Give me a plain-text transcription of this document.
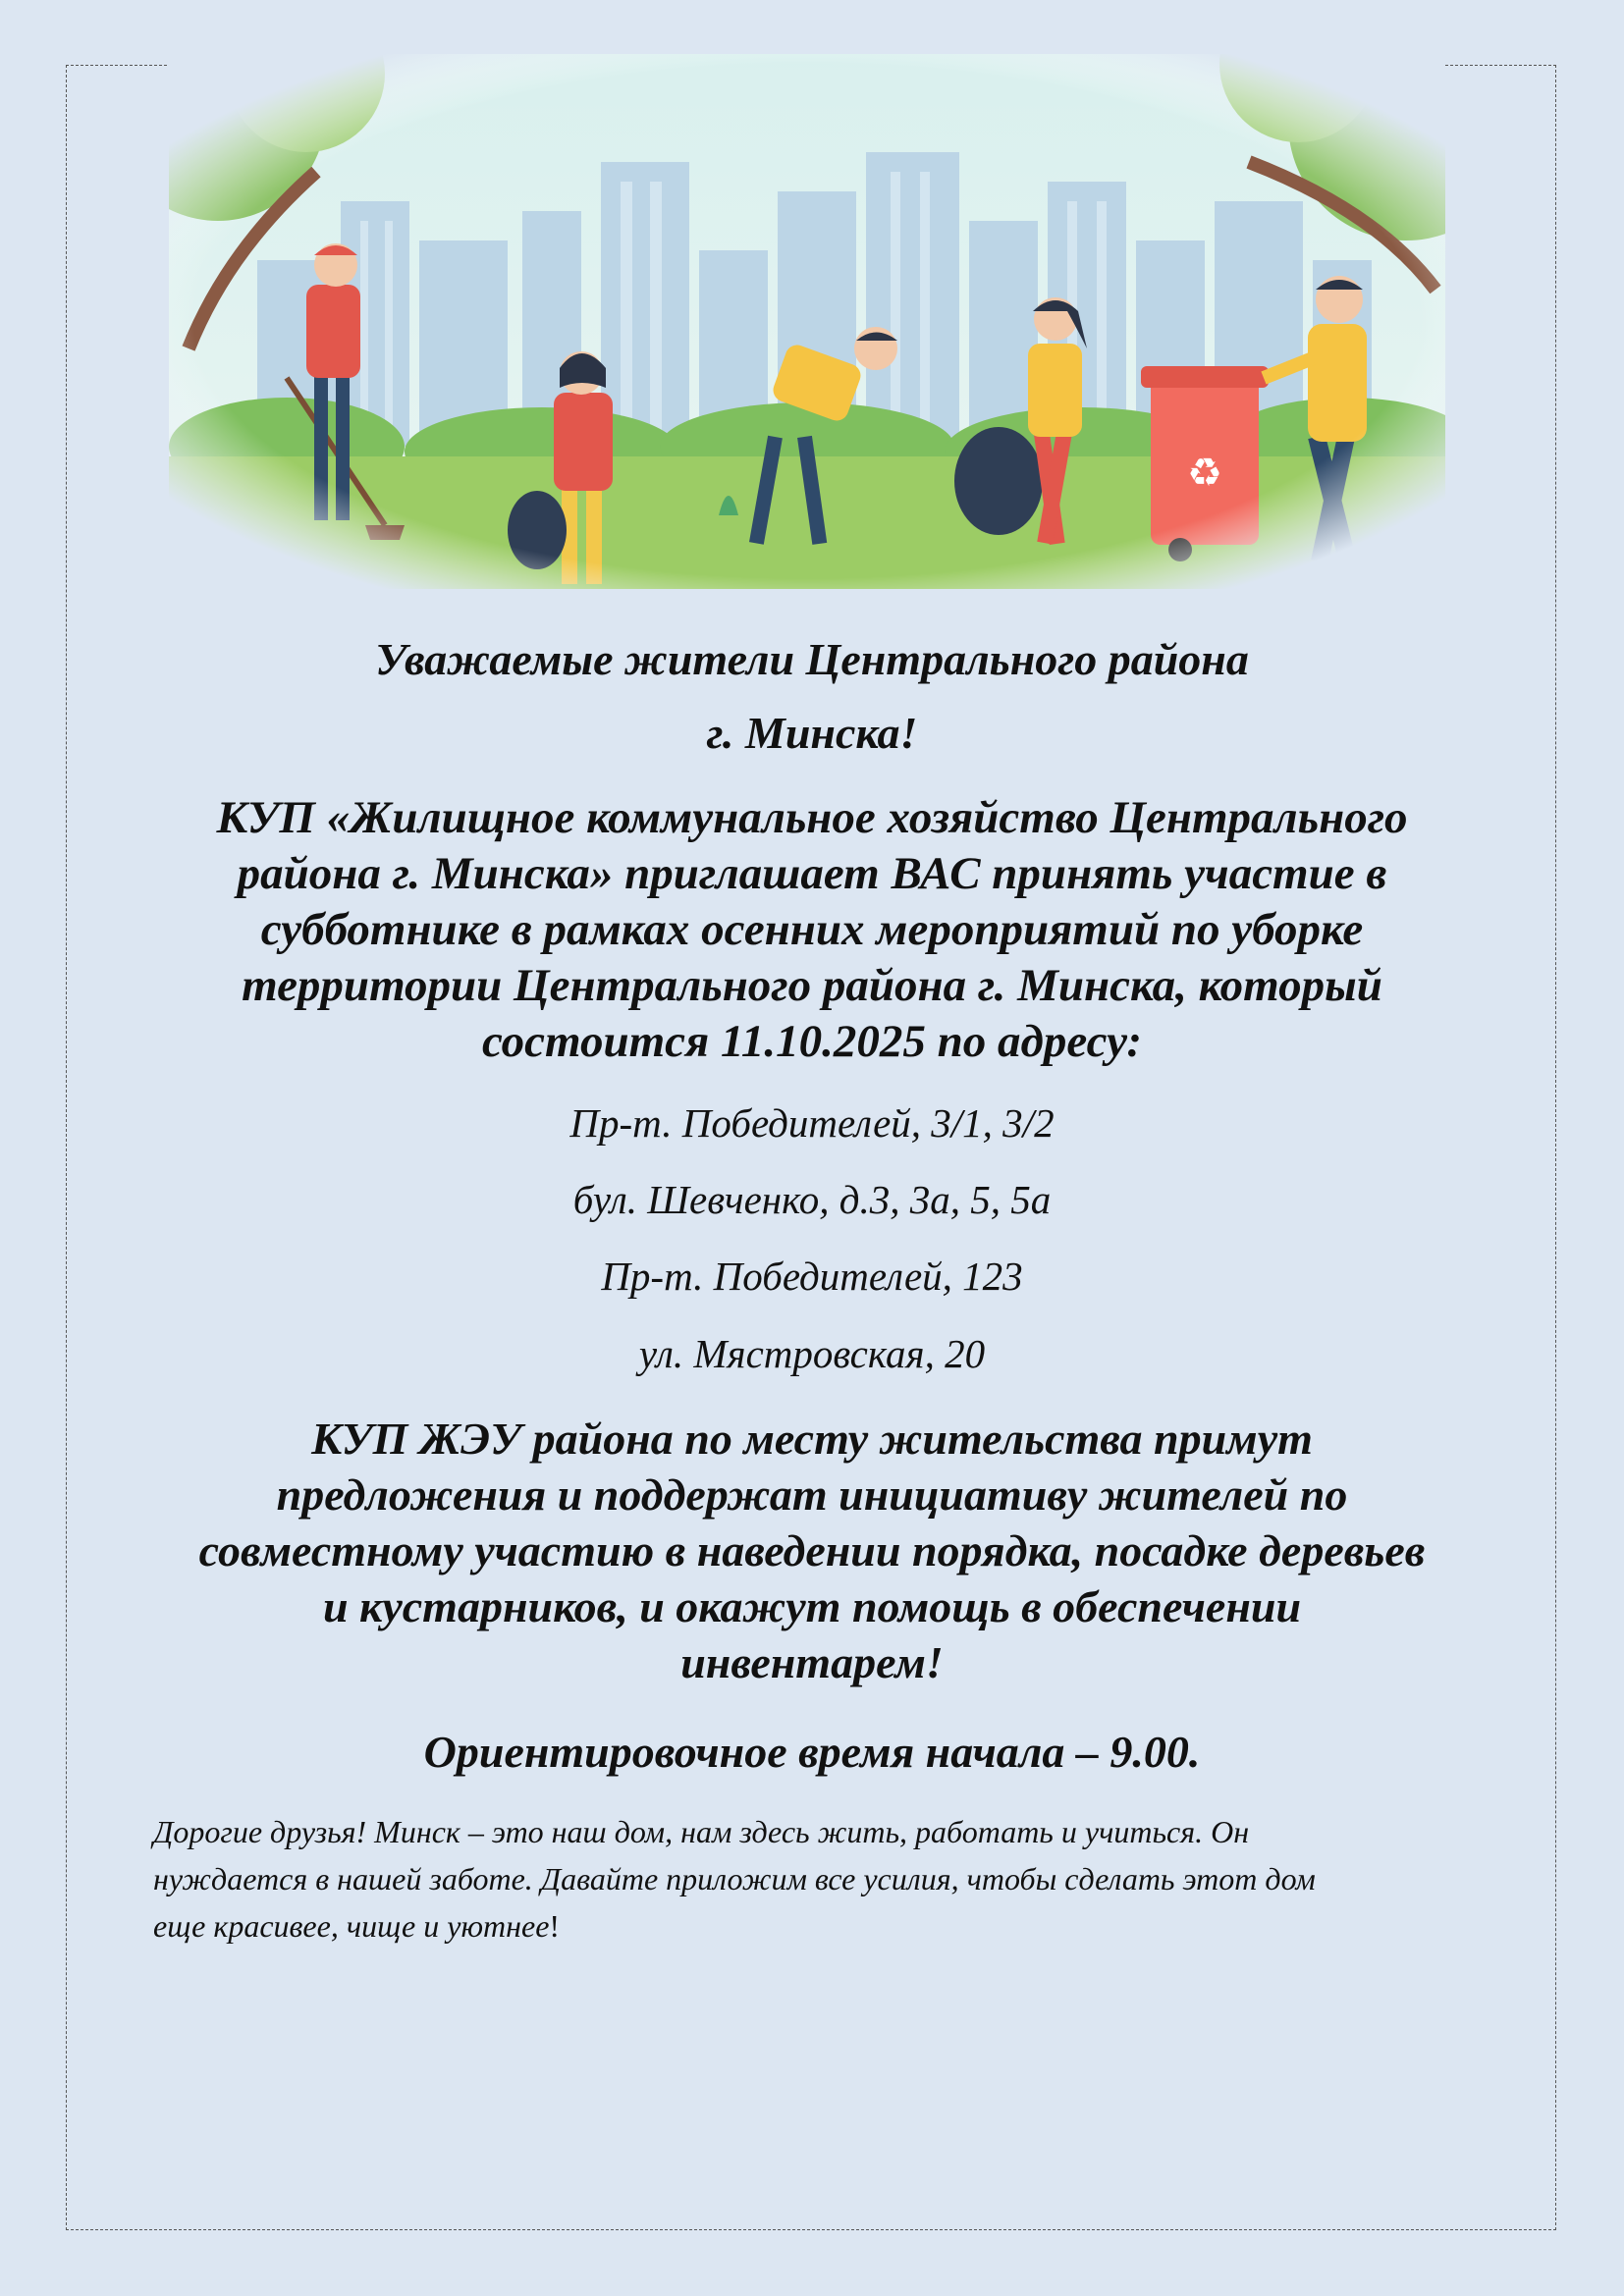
Уважаемые жители Центрального района
г. Минска!
КУП «Жилищное коммунальное хозяйство Центрального
района г. Минска» приглашает ВАС принять участие в
субботнике в рамках осенних мероприятий по уборке
территории Центрального района г. Минска, который
состоится 11.10.2025 по адресу:
Пр-т. Победителей, 3/1, 3/2
бул. Шевченко, д.3, 3а, 5, 5а
Пр-т. Победителей, 123
ул. Мястровская, 20
КУП ЖЭУ района по месту жительства примут
предложения и поддержат инициативу жителей по
совместному участию в наведении порядка, посадке деревьев
и кустарников, и окажут помощь в обеспечении
инвентарем!
Ориентировочное время начала – 9.00.
Дорогие друзья! Минск – это наш дом, нам здесь жить, работать и учиться. Он
нуждается в нашей заботе. Давайте приложим все усилия, чтобы сделать этот дом
еще красивее, чище и уютнее!
